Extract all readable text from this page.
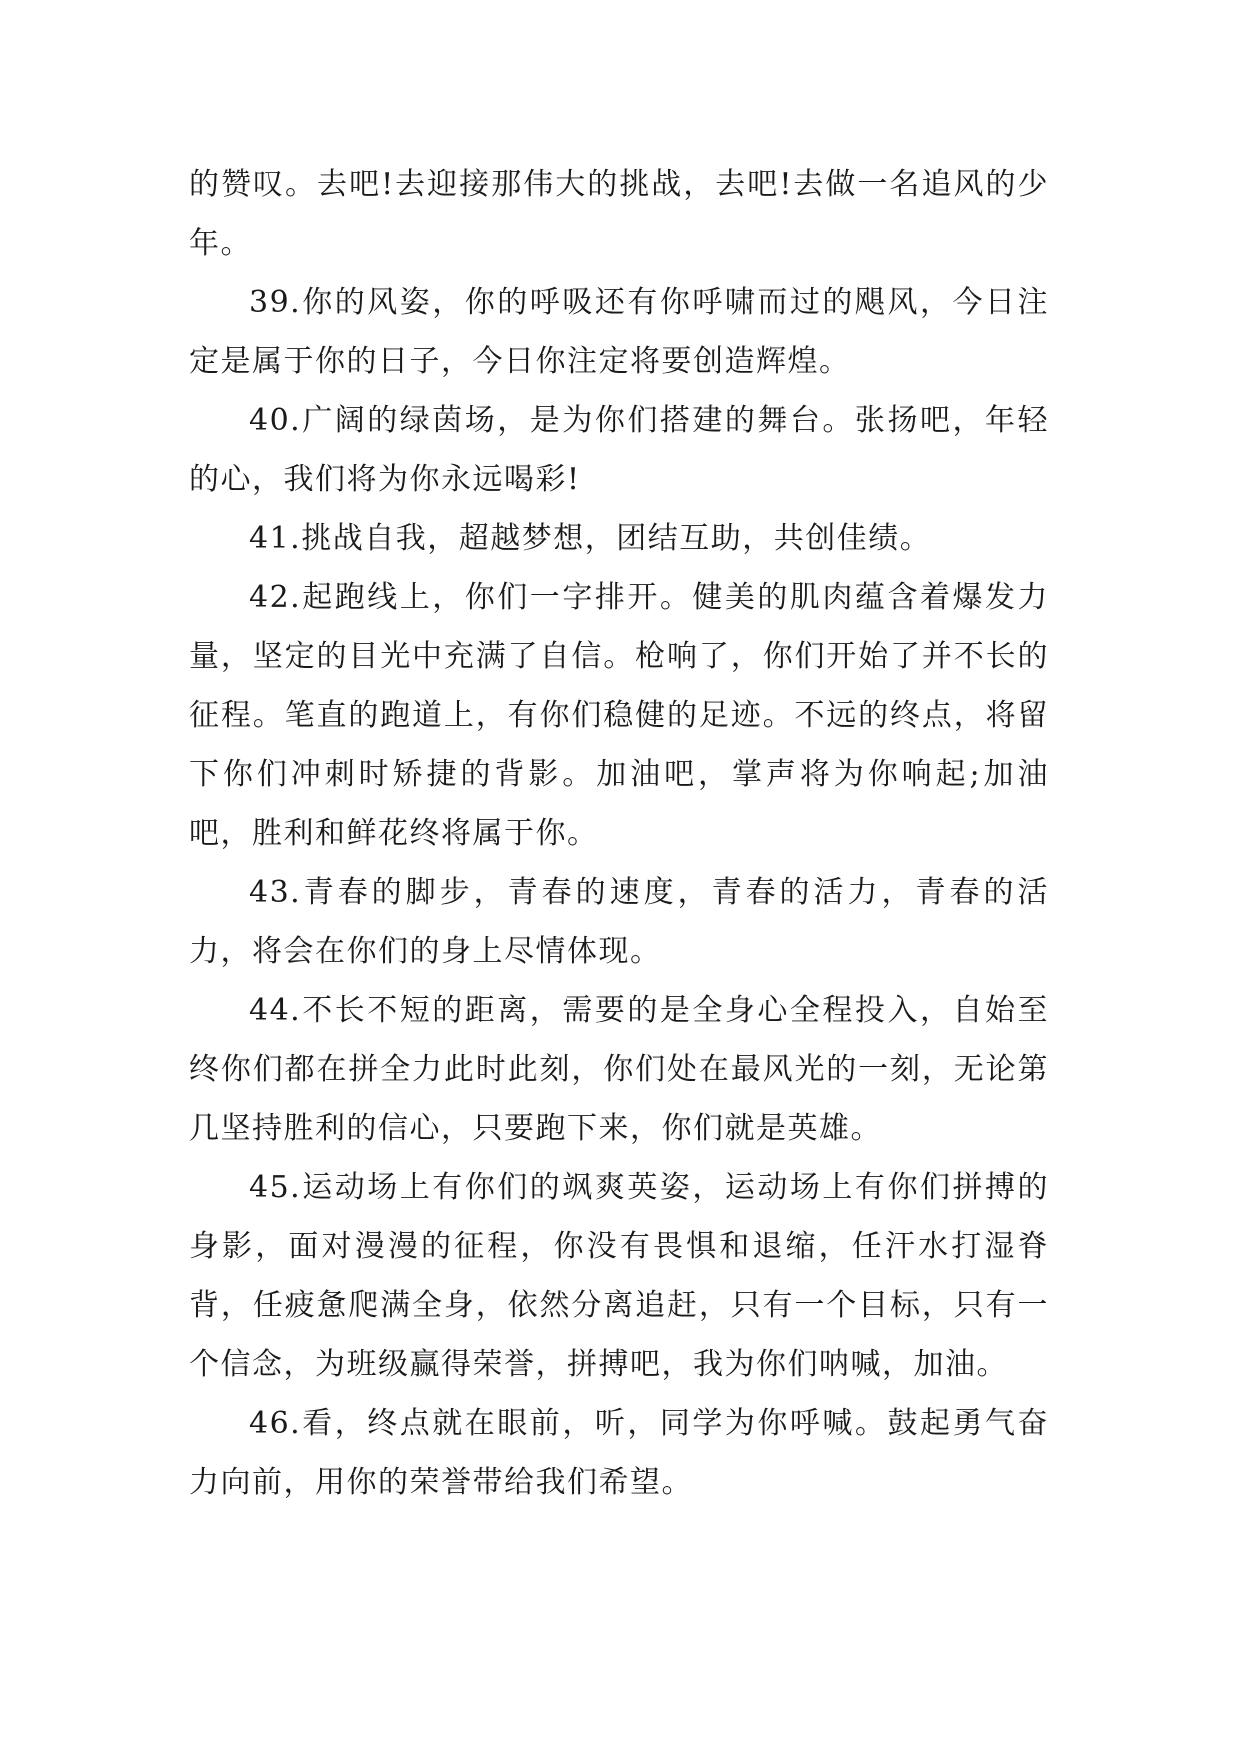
的赞叹。去吧!去迎接那伟大的挑战，去吧!去做一名追风的少年。

39.你的风姿，你的呼吸还有你呼啸而过的飓风，今日注定是属于你的日子，今日你注定将要创造辉煌。

40.广阔的绿茵场，是为你们搭建的舞台。张扬吧，年轻的心，我们将为你永远喝彩!

41.挑战自我，超越梦想，团结互助，共创佳绩。

42.起跑线上，你们一字排开。健美的肌肉蕴含着爆发力量，坚定的目光中充满了自信。枪响了，你们开始了并不长的征程。笔直的跑道上，有你们稳健的足迹。不远的终点，将留下你们冲刺时矫捷的背影。加油吧，掌声将为你响起;加油吧，胜利和鲜花终将属于你。

43.青春的脚步，青春的速度，青春的活力，青春的活力，将会在你们的身上尽情体现。

44.不长不短的距离，需要的是全身心全程投入，自始至终你们都在拼全力此时此刻，你们处在最风光的一刻，无论第几坚持胜利的信心，只要跑下来，你们就是英雄。

45.运动场上有你们的飒爽英姿，运动场上有你们拼搏的身影，面对漫漫的征程，你没有畏惧和退缩，任汗水打湿脊背，任疲惫爬满全身，依然分离追赶，只有一个目标，只有一个信念，为班级赢得荣誉，拼搏吧，我为你们呐喊，加油。

46.看，终点就在眼前，听，同学为你呼喊。鼓起勇气奋力向前，用你的荣誉带给我们希望。
